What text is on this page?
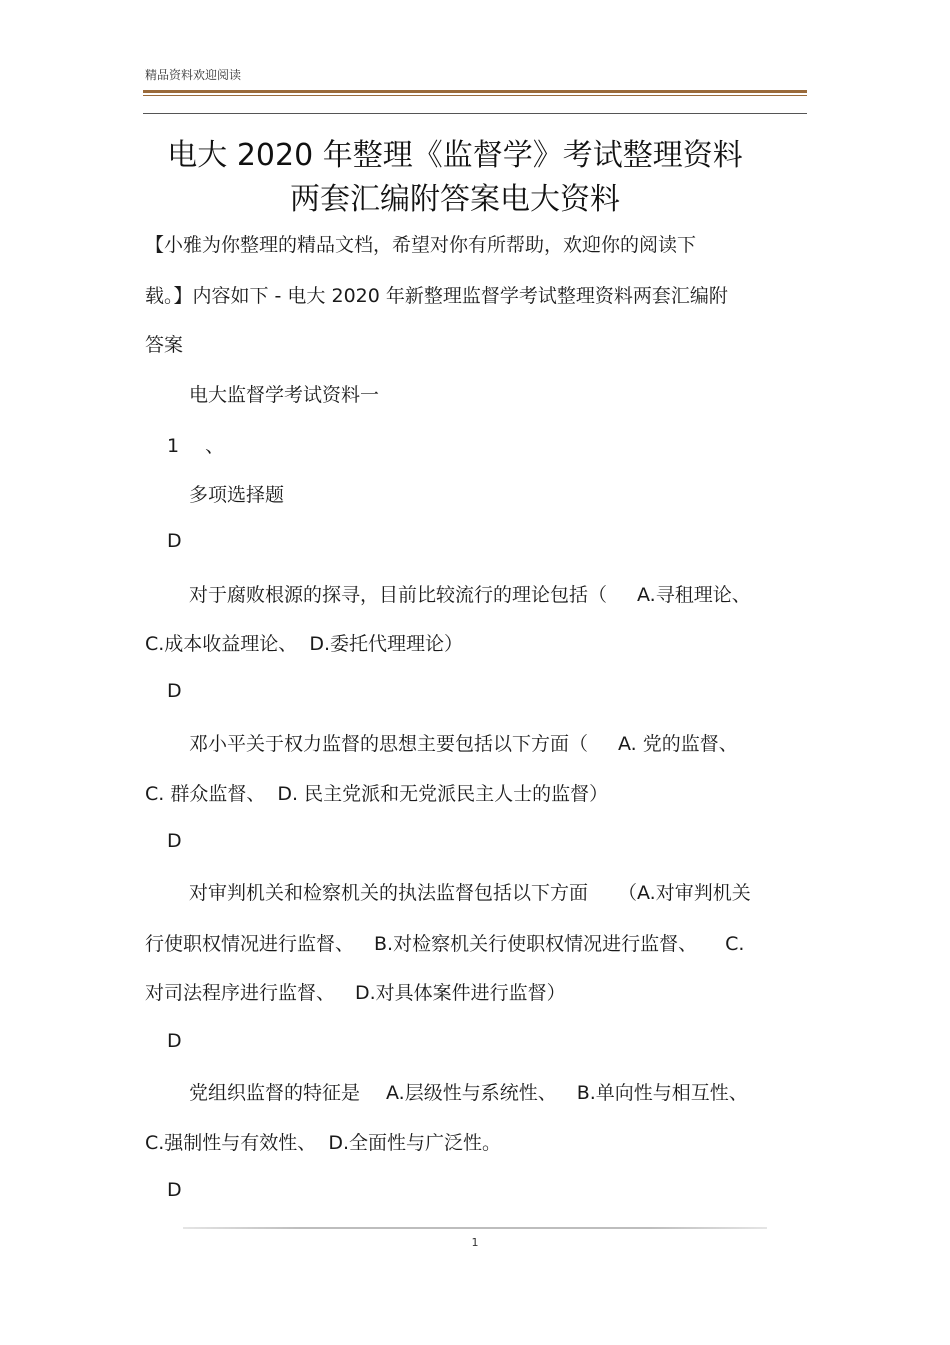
精品资料欢迎阅读
电大 2020 年整理《监督学》考试整理资料
两套汇编附答案电大资料
【小雅为你整理的精品文档，希望对你有所帮助，欢迎你的阅读下
载。】内容如下 - 电大 2020 年新整理监督学考试整理资料两套汇编附
答案
电大监督学考试资料一
1 、
多项选择题
D
对于腐败根源的探寻，目前比较流行的理论包括（ A.寻租理论、
C.成本收益理论、 D.委托代理理论）
D
邓小平关于权力监督的思想主要包括以下方面（ A. 党的监督、
C. 群众监督、 D. 民主党派和无党派民主人士的监督）
D
对审判机关和检察机关的执法监督包括以下方面 （A.对审判机关
行使职权情况进行监督、 B.对检察机关行使职权情况进行监督、 C.
对司法程序进行监督、 D.对具体案件进行监督）
D
党组织监督的特征是 A.层级性与系统性、 B.单向性与相互性、
C.强制性与有效性、 D.全面性与广泛性。
D
1
